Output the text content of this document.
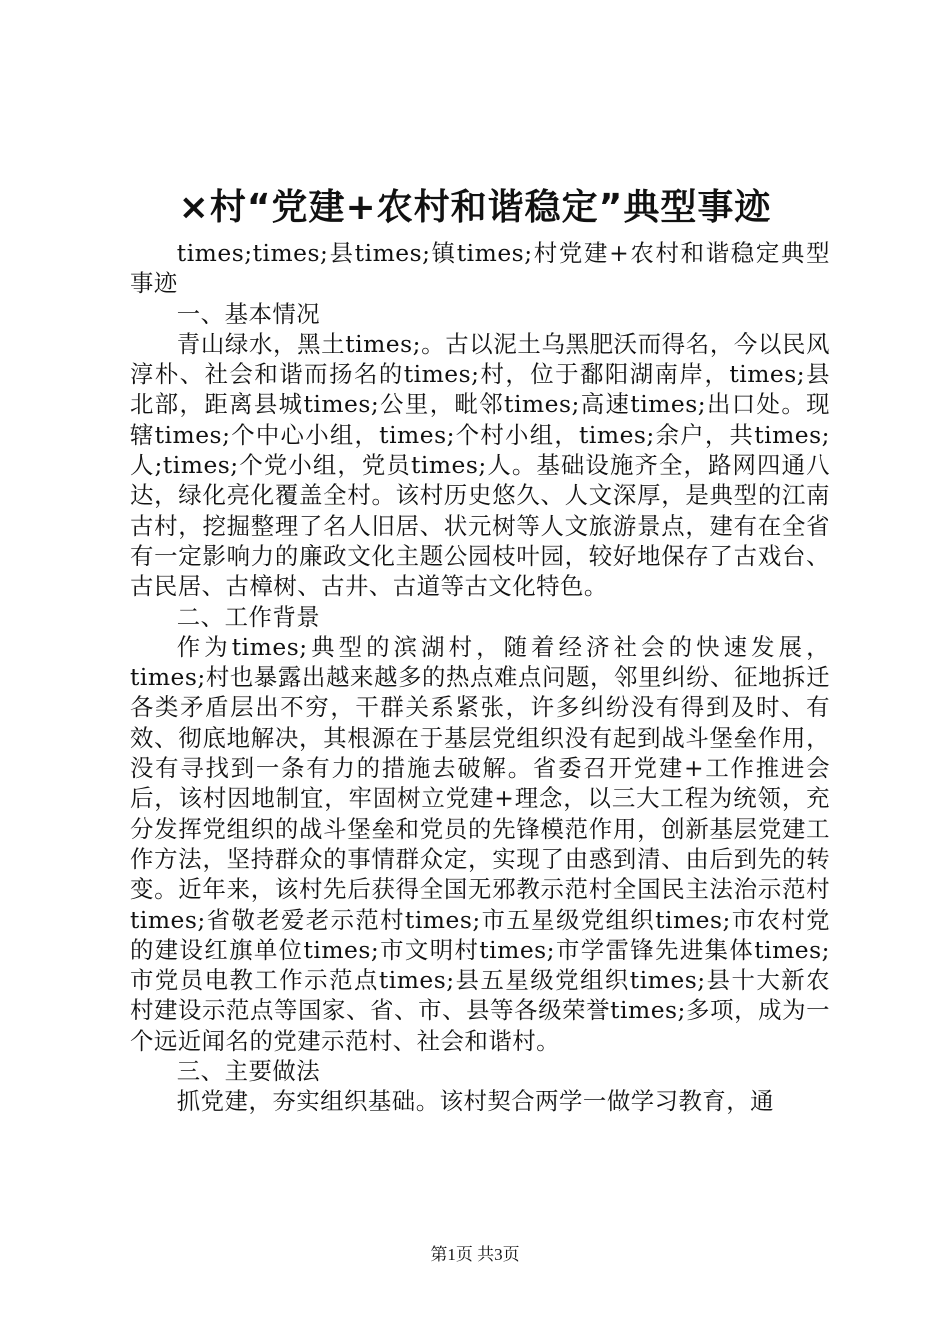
×村“党建+农村和谐稳定”典型事迹

times;times;县times;镇times;村党建+农村和谐稳定典型事迹

一、基本情况

青山绿水，黑土times;。古以泥土乌黑肥沃而得名，今以民风淳朴、社会和谐而扬名的times;村，位于鄱阳湖南岸，times;县北部，距离县城times;公里，毗邻times;高速times;出口处。现辖times;个中心小组，times;个村小组，times;余户，共times;人;times;个党小组，党员times;人。基础设施齐全，路网四通八达，绿化亮化覆盖全村。该村历史悠久、人文深厚，是典型的江南古村，挖掘整理了名人旧居、状元树等人文旅游景点，建有在全省有一定影响力的廉政文化主题公园枝叶园，较好地保存了古戏台、古民居、古樟树、古井、古道等古文化特色。

二、工作背景

作为times;典型的滨湖村，随着经济社会的快速发展，times;村也暴露出越来越多的热点难点问题，邻里纠纷、征地拆迁各类矛盾层出不穷，干群关系紧张，许多纠纷没有得到及时、有效、彻底地解决，其根源在于基层党组织没有起到战斗堡垒作用，没有寻找到一条有力的措施去破解。省委召开党建+工作推进会后，该村因地制宜，牢固树立党建+理念，以三大工程为统领，充分发挥党组织的战斗堡垒和党员的先锋模范作用，创新基层党建工作方法，坚持群众的事情群众定，实现了由惑到清、由后到先的转变。近年来，该村先后获得全国无邪教示范村全国民主法治示范村times;省敬老爱老示范村times;市五星级党组织times;市农村党的建设红旗单位times;市文明村times;市学雷锋先进集体times;市党员电教工作示范点times;县五星级党组织times;县十大新农村建设示范点等国家、省、市、县等各级荣誉times;多项，成为一个远近闻名的党建示范村、社会和谐村。

三、主要做法

抓党建，夯实组织基础。该村契合两学一做学习教育，通

第1页 共3页
